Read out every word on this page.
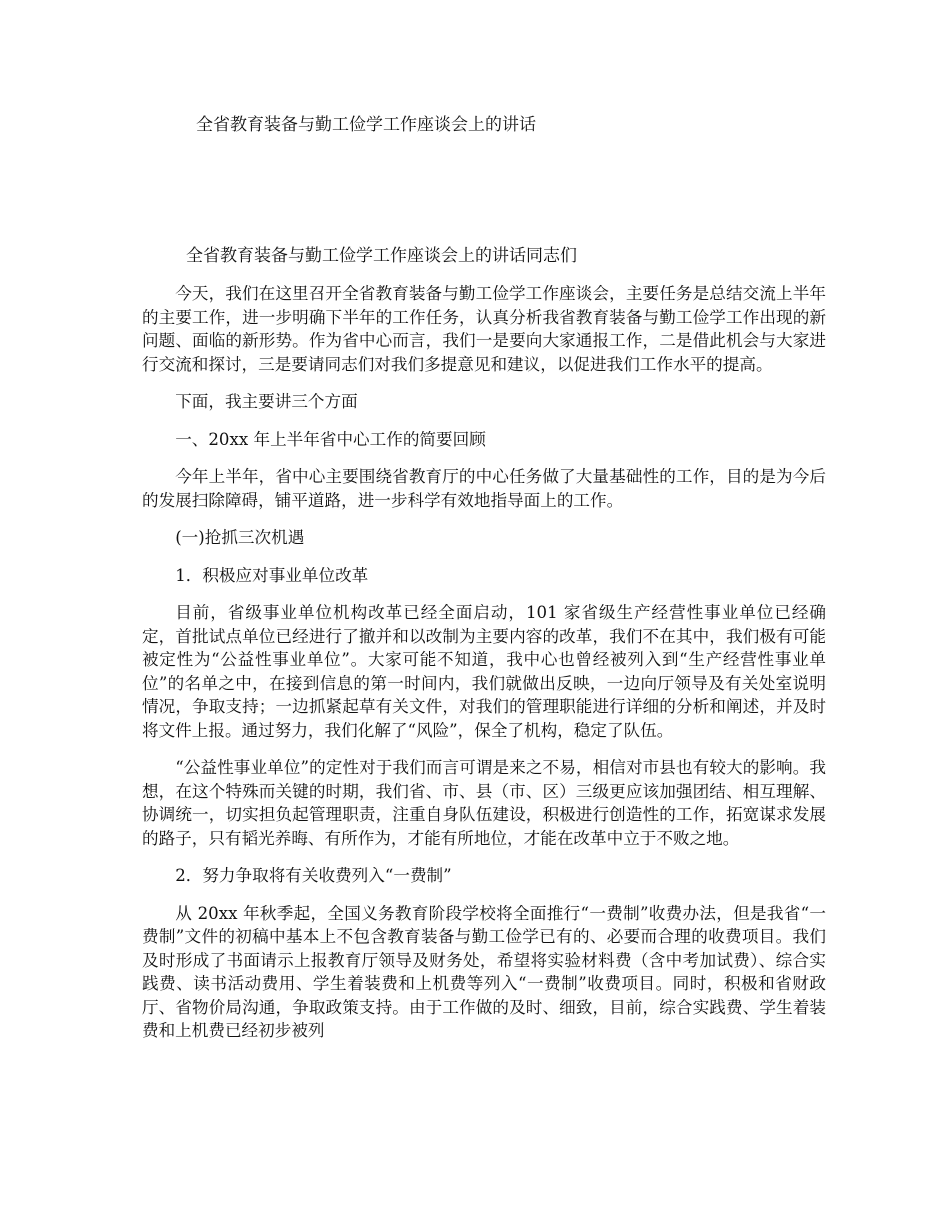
全省教育装备与勤工俭学工作座谈会上的讲话
全省教育装备与勤工俭学工作座谈会上的讲话同志们

今天，我们在这里召开全省教育装备与勤工俭学工作座谈会，主要任务是总结交流上半年的主要工作，进一步明确下半年的工作任务，认真分析我省教育装备与勤工俭学工作出现的新问题、面临的新形势。作为省中心而言，我们一是要向大家通报工作，二是借此机会与大家进行交流和探讨，三是要请同志们对我们多提意见和建议，以促进我们工作水平的提高。

下面，我主要讲三个方面

一、20xx 年上半年省中心工作的简要回顾

今年上半年，省中心主要围绕省教育厅的中心任务做了大量基础性的工作，目的是为今后的发展扫除障碍，铺平道路，进一步科学有效地指导面上的工作。

(一)抢抓三次机遇

1．积极应对事业单位改革

目前，省级事业单位机构改革已经全面启动，101 家省级生产经营性事业单位已经确定，首批试点单位已经进行了撤并和以改制为主要内容的改革，我们不在其中，我们极有可能被定性为“公益性事业单位”。大家可能不知道，我中心也曾经被列入到“生产经营性事业单位”的名单之中，在接到信息的第一时间内，我们就做出反映，一边向厅领导及有关处室说明情况，争取支持；一边抓紧起草有关文件，对我们的管理职能进行详细的分析和阐述，并及时将文件上报。通过努力，我们化解了“风险”，保全了机构，稳定了队伍。

“公益性事业单位”的定性对于我们而言可谓是来之不易，相信对市县也有较大的影响。我想，在这个特殊而关键的时期，我们省、市、县（市、区）三级更应该加强团结、相互理解、协调统一，切实担负起管理职责，注重自身队伍建设，积极进行创造性的工作，拓宽谋求发展的路子，只有韬光养晦、有所作为，才能有所地位，才能在改革中立于不败之地。

2．努力争取将有关收费列入“一费制”

从 20xx 年秋季起，全国义务教育阶段学校将全面推行“一费制”收费办法，但是我省“一费制”文件的初稿中基本上不包含教育装备与勤工俭学已有的、必要而合理的收费项目。我们及时形成了书面请示上报教育厅领导及财务处，希望将实验材料费（含中考加试费）、综合实践费、读书活动费用、学生着装费和上机费等列入“一费制”收费项目。同时，积极和省财政厅、省物价局沟通，争取政策支持。由于工作做的及时、细致，目前，综合实践费、学生着装费和上机费已经初步被列
